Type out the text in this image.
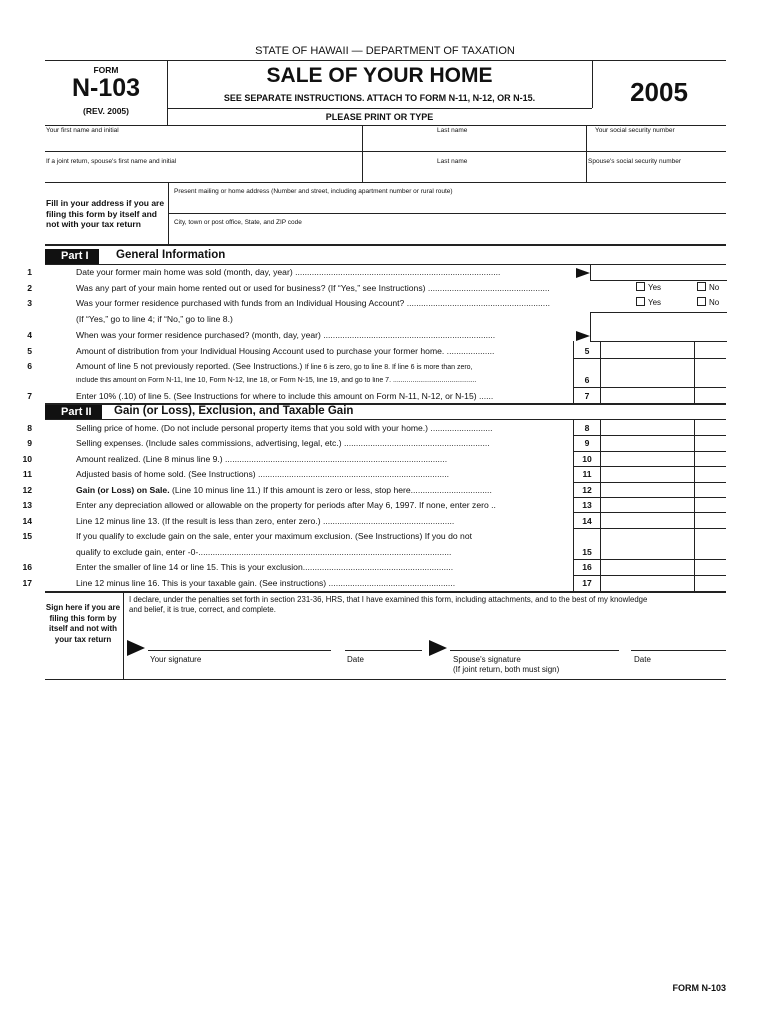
STATE OF HAWAII — DEPARTMENT OF TAXATION
FORM
N-103
(REV. 2005)
SALE OF YOUR HOME
SEE SEPARATE INSTRUCTIONS. ATTACH TO FORM N-11, N-12, OR N-15.
PLEASE PRINT OR TYPE
2005
Your first name and initial	Last name	Your social security number
If a joint return, spouse's first name and initial	Last name	Spouse's social security number
Fill in your address if you are filing this form by itself and not with your tax return
Present mailing or home address (Number and street, including apartment number or rural route)
City, town or post office, State, and ZIP code
Part I	General Information
1	Date your former main home was sold (month, day, year) ......................................................................................
2	Was any part of your main home rented out or used for business? (If “Yes,” see Instructions) ...................................................	Yes	No
3	Was your former residence purchased with funds from an Individual Housing Account? ............................................................	Yes	No
(If “Yes,” go to line 4; if “No,” go to line 8.)
4	When was your former residence purchased? (month, day, year) ........................................................................
5	Amount of distribution from your Individual Housing Account used to purchase your former home. ....................	5
6	Amount of line 5 not previously reported. (See Instructions.) If line 6 is zero, go to line 8. If line 6 is more than zero,
include this amount on Form N-11, line 10, Form N-12, line 18, or Form N-15, line 19, and go to line 7. ...........................................	6
7	Enter 10% (.10) of line 5. (See Instructions for where to include this amount on Form N-11, N-12, or N-15) ......	7
Part II	Gain (or Loss), Exclusion, and Taxable Gain
8	Selling price of home. (Do not include personal property items that you sold with your home.) ..........................	8
9	Selling expenses. (Include sales commissions, advertising, legal, etc.) .............................................................	9
10	Amount realized. (Line 8 minus line 9.) .............................................................................................	10
11	Adjusted basis of home sold. (See Instructions) ................................................................................	11
12	Gain (or Loss) on Sale. (Line 10 minus line 11.) If this amount is zero or less, stop here..................................	12
13	Enter any depreciation allowed or allowable on the property for periods after May 6, 1997. If none, enter zero ..	13
14	Line 12 minus line 13. (If the result is less than zero, enter zero.) .......................................................	14
15	If you qualify to exclude gain on the sale, enter your maximum exclusion. (See Instructions) If you do not
qualify to exclude gain, enter -0-..........................................................................................................	15
16	Enter the smaller of line 14 or line 15. This is your exclusion...............................................................	16
17	Line 12 minus line 16. This is your taxable gain. (See instructions) .....................................................	17
Sign here if you are filing this form by itself and not with your tax return
I declare, under the penalties set forth in section 231-36, HRS, that I have examined this form, including attachments, and to the best of my knowledge
and belief, it is true, correct, and complete.
Your signature	Date	Spouse's signature
(If joint return, both must sign)
Date
FORM N-103
